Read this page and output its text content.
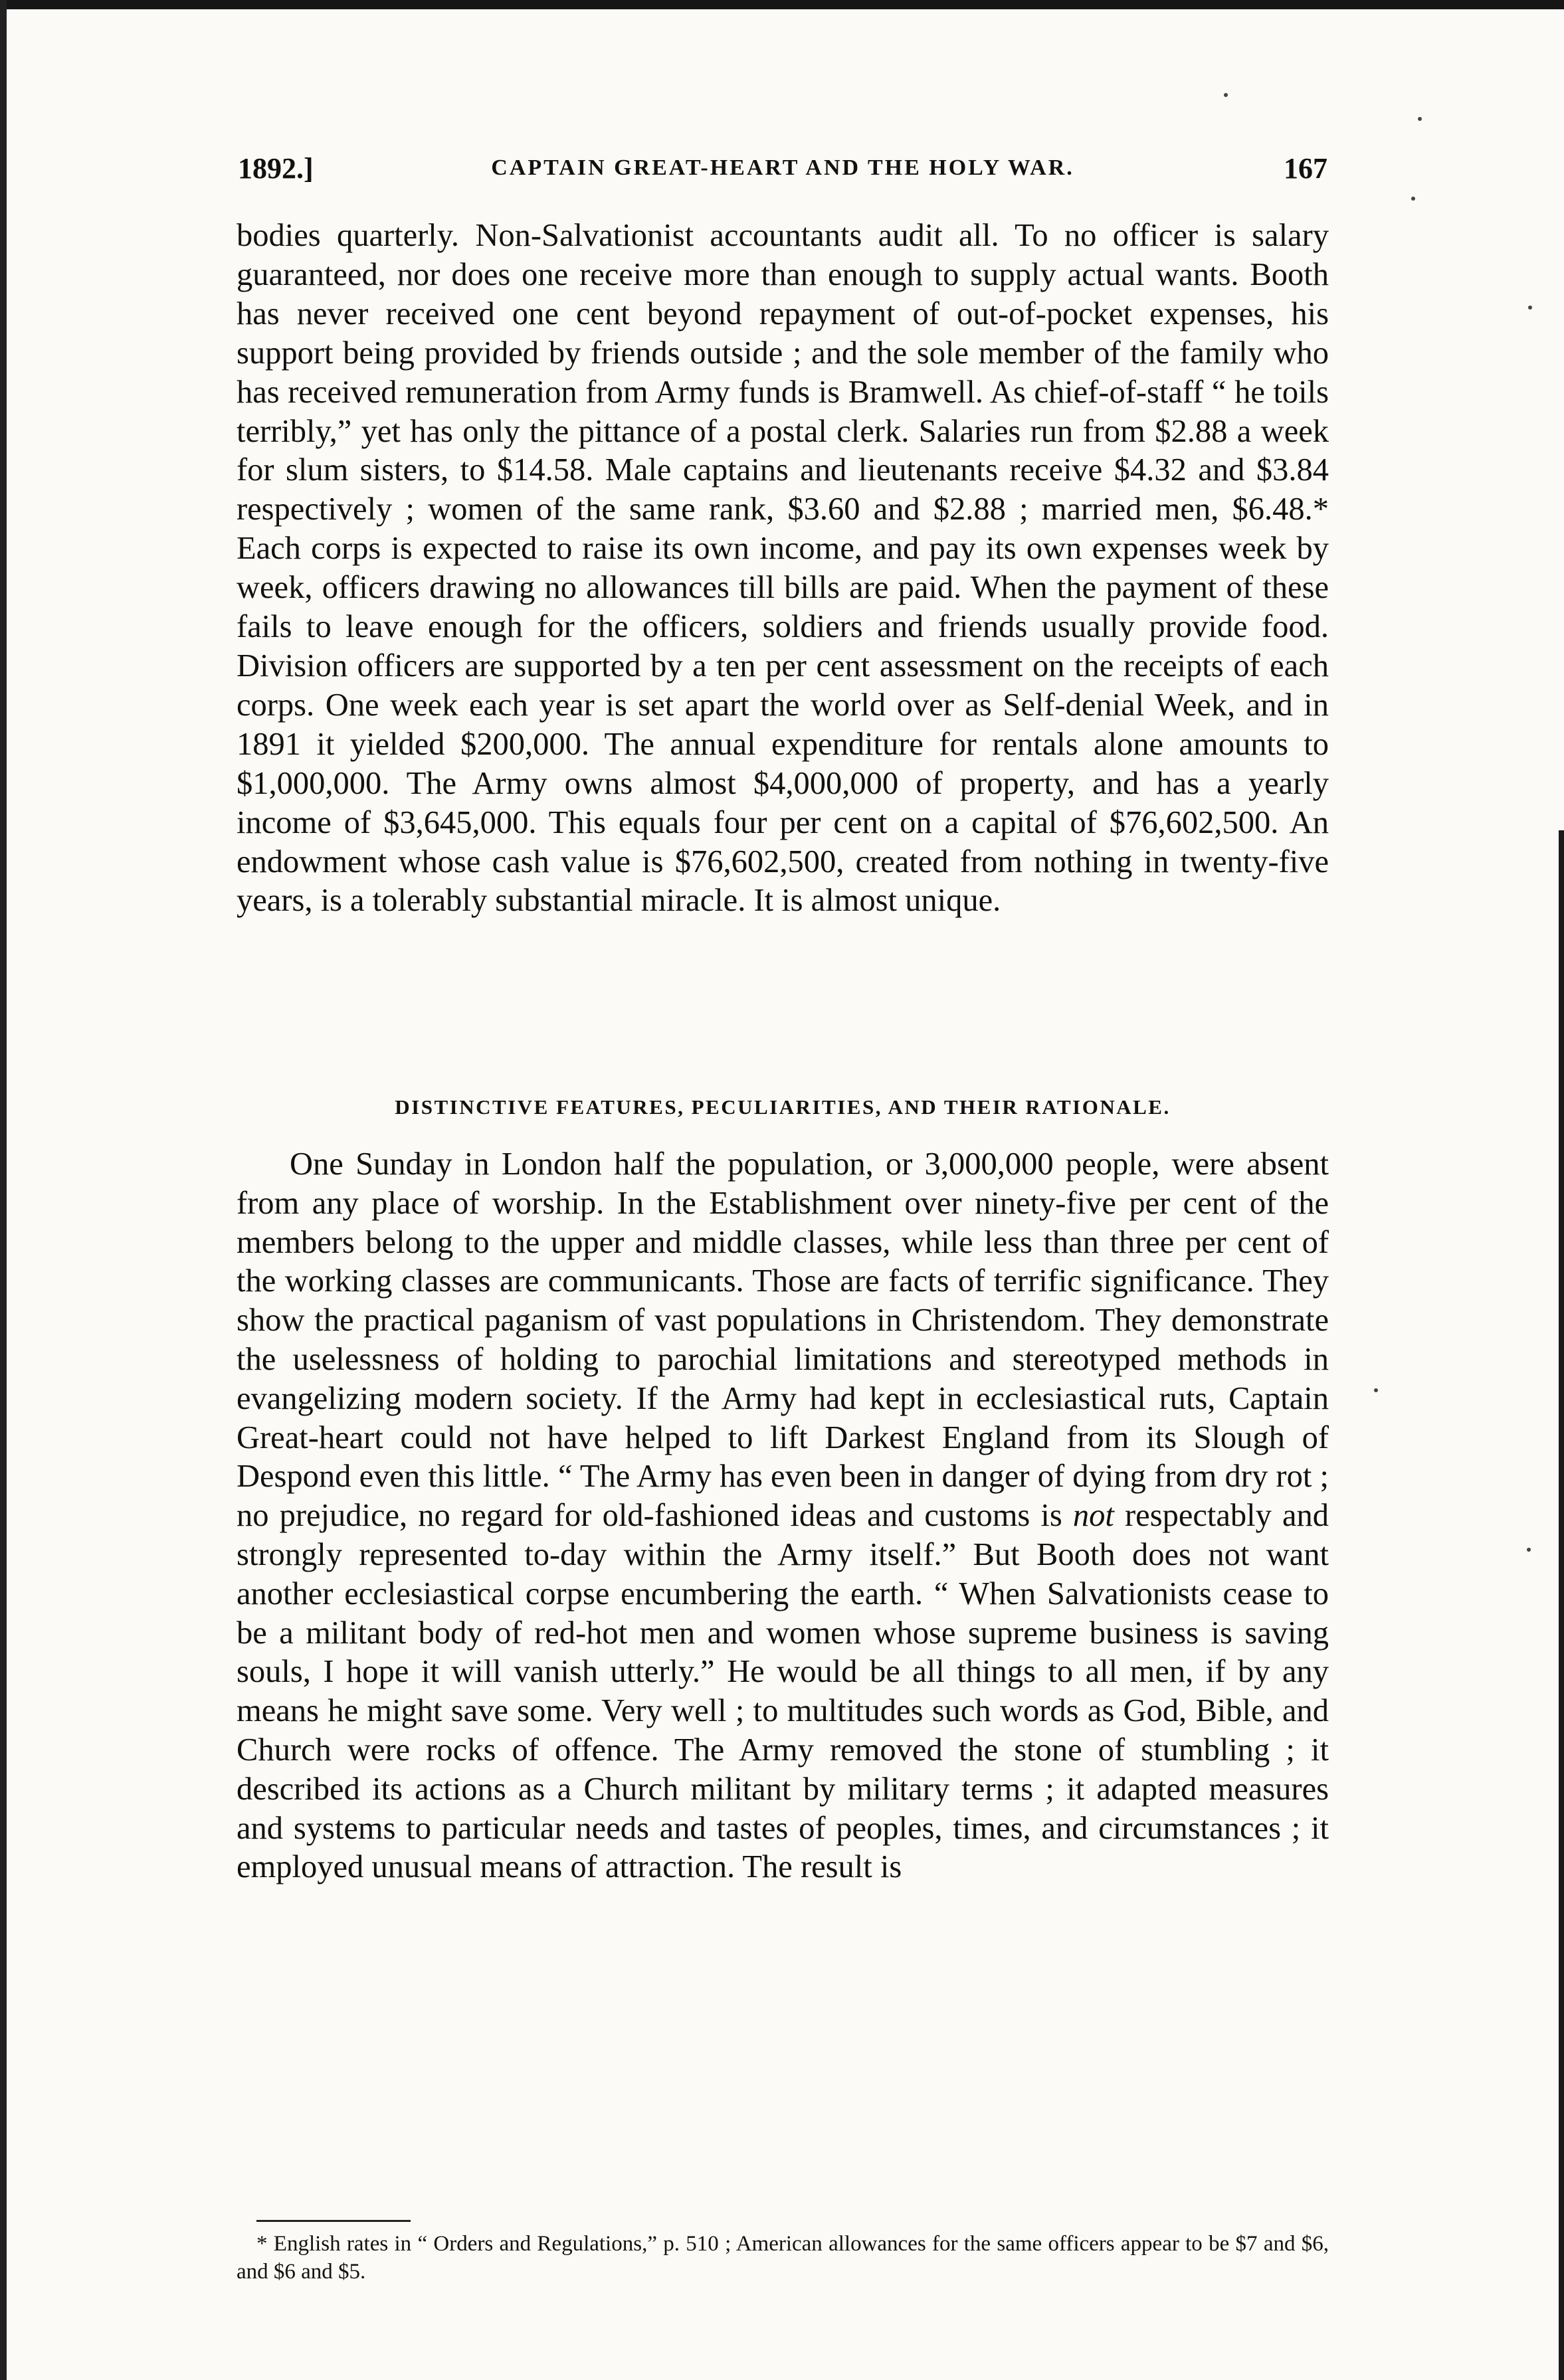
1892.]	CAPTAIN GREAT-HEART AND THE HOLY WAR.	167

bodies quarterly. Non-Salvationist accountants audit all. To no officer is salary guaranteed, nor does one receive more than enough to supply actual wants. Booth has never received one cent beyond repayment of out-of-pocket expenses, his support being provided by friends outside ; and the sole member of the family who has received remuneration from Army funds is Bramwell. As chief-of-staff “ he toils terribly,” yet has only the pittance of a postal clerk. Salaries run from $2.88 a week for slum sisters, to $14.58. Male captains and lieutenants receive $4.32 and $3.84 respectively ; women of the same rank, $3.60 and $2.88 ; married men, $6.48.* Each corps is expected to raise its own income, and pay its own expenses week by week, officers drawing no allowances till bills are paid. When the payment of these fails to leave enough for the officers, soldiers and friends usually provide food. Division officers are supported by a ten per cent assessment on the receipts of each corps. One week each year is set apart the world over as Self-denial Week, and in 1891 it yielded $200,000. The annual expenditure for rentals alone amounts to $1,000,000. The Army owns almost $4,000,000 of property, and has a yearly income of $3,645,000. This equals four per cent on a capital of $76,602,500. An endowment whose cash value is $76,602,500, created from nothing in twenty-five years, is a tolerably substantial miracle. It is almost unique.

DISTINCTIVE FEATURES, PECULIARITIES, AND THEIR RATIONALE.

One Sunday in London half the population, or 3,000,000 people, were absent from any place of worship. In the Establishment over ninety-five per cent of the members belong to the upper and middle classes, while less than three per cent of the working classes are communicants. Those are facts of terrific significance. They show the practical paganism of vast populations in Christendom. They demonstrate the uselessness of holding to parochial limitations and stereotyped methods in evangelizing modern society. If the Army had kept in ecclesiastical ruts, Captain Great-heart could not have helped to lift Darkest England from its Slough of Despond even this little. “ The Army has even been in danger of dying from dry rot ; no prejudice, no regard for old-fashioned ideas and customs is not respectably and strongly represented to-day within the Army itself.” But Booth does not want another ecclesiastical corpse encumbering the earth. “ When Salvationists cease to be a militant body of red-hot men and women whose supreme business is saving souls, I hope it will vanish utterly.” He would be all things to all men, if by any means he might save some. Very well ; to multitudes such words as God, Bible, and Church were rocks of offence. The Army removed the stone of stumbling ; it described its actions as a Church militant by military terms ; it adapted measures and systems to particular needs and tastes of peoples, times, and circumstances ; it employed unusual means of attraction. The result is

* English rates in “ Orders and Regulations,” p. 510 ; American allowances for the same officers appear to be $7 and $6, and $6 and $5.
